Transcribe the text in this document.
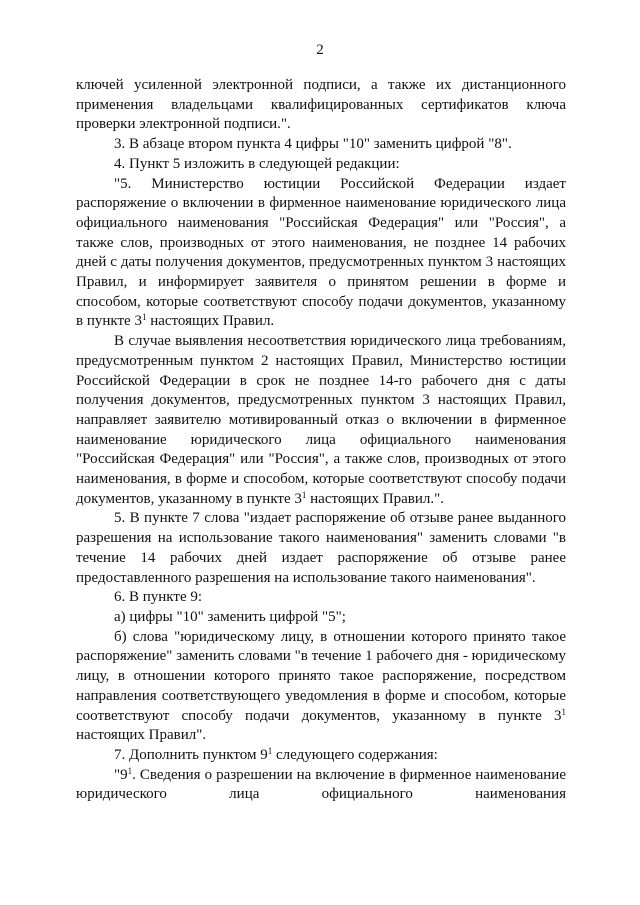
2

ключей усиленной электронной подписи, а также их дистанционного применения владельцами квалифицированных сертификатов ключа проверки электронной подписи.".

3. В абзаце втором пункта 4 цифры "10" заменить цифрой "8".

4. Пункт 5 изложить в следующей редакции:

"5. Министерство юстиции Российской Федерации издает распоряжение о включении в фирменное наименование юридического лица официального наименования "Российская Федерация" или "Россия", а также слов, производных от этого наименования, не позднее 14 рабочих дней с даты получения документов, предусмотренных пунктом 3 настоящих Правил, и информирует заявителя о принятом решении в форме и способом, которые соответствуют способу подачи документов, указанному в пункте $3^1$ настоящих Правил.

В случае выявления несоответствия юридического лица требованиям, предусмотренным пунктом 2 настоящих Правил, Министерство юстиции Российской Федерации в срок не позднее 14-го рабочего дня с даты получения документов, предусмотренных пунктом 3 настоящих Правил, направляет заявителю мотивированный отказ о включении в фирменное наименование юридического лица официального наименования "Российская Федерация" или "Россия", а также слов, производных от этого наименования, в форме и способом, которые соответствуют способу подачи документов, указанному в пункте $3^1$ настоящих Правил.".

5. В пункте 7 слова "издает распоряжение об отзыве ранее выданного разрешения на использование такого наименования" заменить словами "в течение 14 рабочих дней издает распоряжение об отзыве ранее предоставленного разрешения на использование такого наименования".

6. В пункте 9:

а) цифры "10" заменить цифрой "5";

б) слова "юридическому лицу, в отношении которого принято такое распоряжение" заменить словами "в течение 1 рабочего дня - юридическому лицу, в отношении которого принято такое распоряжение, посредством направления соответствующего уведомления в форме и способом, которые соответствуют способу подачи документов, указанному в пункте $3^1$ настоящих Правил".

7. Дополнить пунктом $9^1$ следующего содержания:

"$9^1$. Сведения о разрешении на включение в фирменное наименование юридического лица официального наименования
